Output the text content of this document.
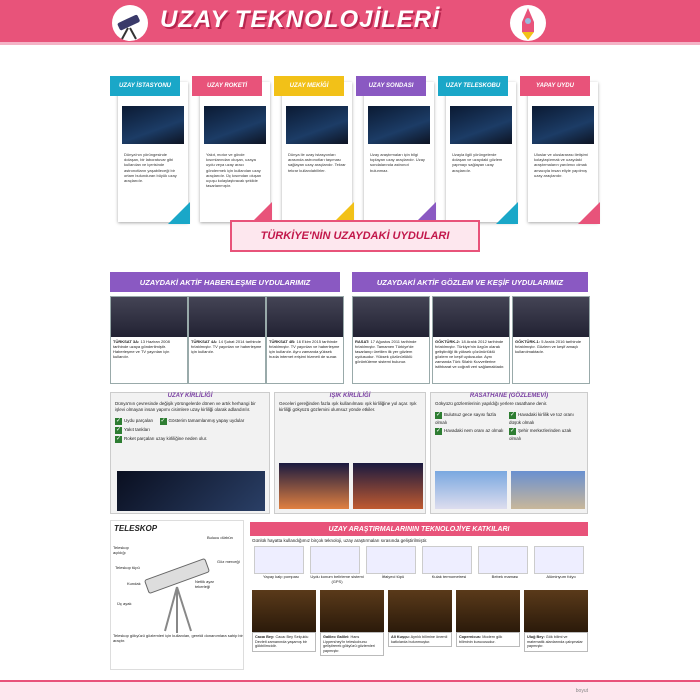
UZAY TEKNOLOJİLERİ
UZAY İSTASYONU
Dünya'nın yörüngesinde dolaşan, bir laboratuvar gibi kullanılan ve içerisinde astronotların yaşabileceği bir ortam bulunduran büyük uzay araçlarıdır.
UZAY ROKETİ
Yakıt, motor ve gövde kısımlarından oluşan, uzaya uydu veya uzay aracı göndermek için kullanılan uzay araçlarıdır. Üç kısımdan oluşan uçuşu kolaylaştıracak şekilde tasarlanmıştır.
UZAY MEKİĞİ
Dünya ile uzay istasyonları arasında astronotları taşıması sağlayan uzay araçlarıdır. Tekrar tekrar kullanılabilirler.
UZAY SONDASI
Uzay araştırmaları için bilgi toplayan uzay araçlarıdır. Uzay sondalarında astronot bulunmaz.
UZAY TELESKOBU
Uzayla ilgili yörüngelerde dolaşan ve uzaydaki gözlem yapmayı sağlayan uzay araçlarıdır.
YAPAY UYDU
Uluslar ve uluslararası iletişimi kolaylaştırmak ve uzaydaki araştırmaların yardımcı olmak amacıyla insan eliyle yapılmış uzay araçlarıdır.
TÜRKİYE'NİN UZAYDAKİ UYDULARI
UZAYDAKİ AKTİF HABERLEŞME UYDULARIMIZ	UZAYDAKİ AKTİF GÖZLEM VE KEŞİF UYDULARIMIZ
TÜRKSAT 3A: 13 Haziran 2008 tarihinde uzaya gönderilmiştir. Haberleşme ve TV yayınları için kullanılır.
TÜRKSAT 4A: 14 Şubat 2014 tarihinde fırlatılmıştır. TV yayınları ve haberleşme için kullanılır.
TÜRKSAT 4B: 16 Ekim 2015 tarihinde fırlatılmıştır. TV yayınları ve haberleşme için kullanılır. Aynı zamanda yüksek hızda internet erişimi hizmeti de sunar.
RASAT: 17 Ağustos 2011 tarihinde fırlatılmıştır. Tamamen Türkiye'de tasarlanıp üretilen ilk yer gözlem uydusudur. Yüksek çözünürlüklü görüntüleme sistemi bulunur.
GÖKTÜRK-2: 18 Aralık 2012 tarihinde fırlatılmıştır. Türkiye'nin özgün olarak geliştirdiği ilk yüksek çözünürlüklü gözlem ve keşif uydusudur. Aynı zamanda Türk Silahlı Kuvvetlerine istihbarat ve coğrafi veri sağlamaktadır.
GÖKTÜRK-1: 5 Aralık 2016 tarihinde fırlatılmıştır. Gözlem ve keşif amaçlı kullanılmaktadır.
UZAY KİRLİLİĞİ
Dünya'nın çevresinde değişik yörüngelerde dönen ve artık herhangi bir işlevi olmayan insan yapımı cisimlere uzay kirliliği olarak adlandırılır.
✓ Uydu parçaları ✓ Gösterim tamamlanmış yapay uydular
✓ Yakıt tankları
✓ Roket parçaları uzay kirliliğine neden olur.
IŞIK KİRLİLİĞİ
Geceleri gereğinden fazla ışık kullanılması ışık kirliliğine yol açar. Işık kirliliği gökyüzü gözlemini olumsuz yönde etkiler.
RASATHANE (GÖZLEMEVİ)
Gökyüzü gözlemlerinin yapıldığı yerlere rasathane denir.
✓ Bulutsuz gece sayısı fazla olmalı
✓ Havadaki kirlilik ve toz oranı düşük olmalı
✓ Havadaki nem oranı az olmalı	✓ Şehir merkezlerinden uzak olmalı
TELESKOP
Teleskop açıklığı
Bulucu dürbün
Teleskop tüpü
Göz merceği
Kundak	Netlik ayar tekerleği
Üç ayak
Teleskop gökyüzü gözlemleri için kullanılan, gerekli donanımlara sahip bir araçtır.
UZAY ARAŞTIRMALARININ TEKNOLOJİYE KATKILARI
Günlük hayatta kullandığımız birçok teknoloji, uzay araştırmaları sırasında geliştirilmiştir.
Yapay kalp pompası	Uydu konum belirleme sistemi (GPS)
İtfaiyeci tüpü	Kulak termometresi	Bebek maması	Alüminyum folyo
Cacaı Bey: Cacaı Bey Selçuklu Devleti zamanında yaşamış bir gökbilimcidir.
Galileo Galilei: Hans Lippershey'in teleskobunu geliştirerek gökyüzü gözlemleri yapmıştır.
Ali Kuşçu: Ayrılık bilimine önemli katkılarda bulunmuştur.
Copernicus: Modern gök biliminin kurucusudur.
Uluğ Bey: Gök bilimi ve matematik alanlarında çalışmalar yapmıştır.
boyut
